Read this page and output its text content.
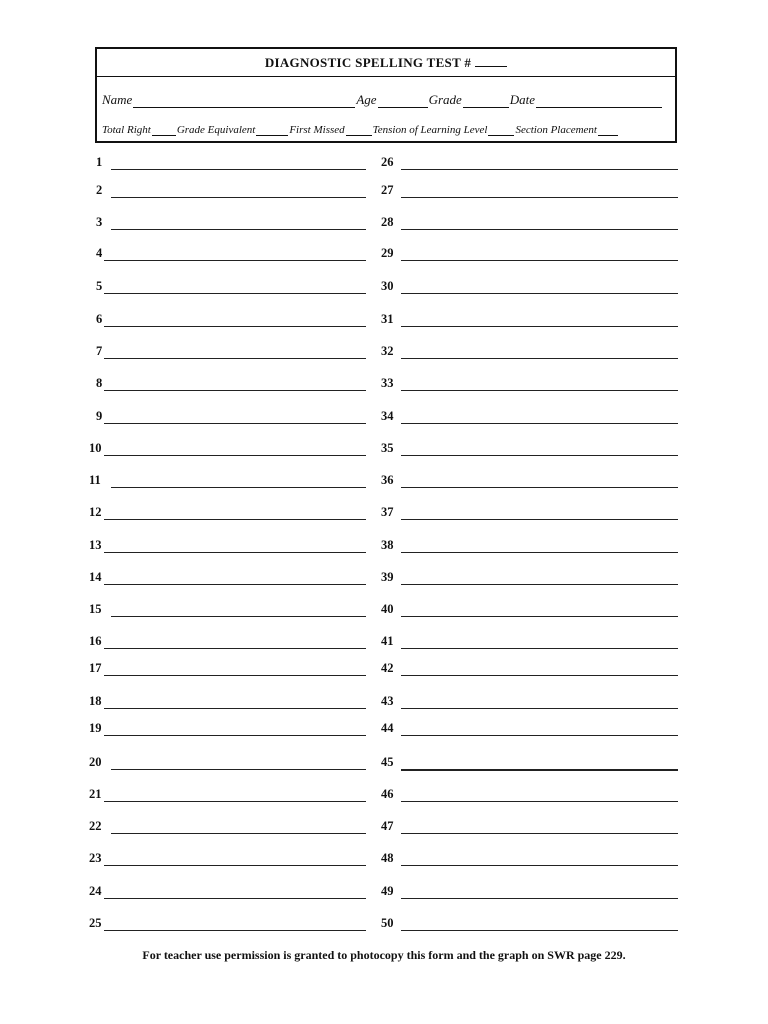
DIAGNOSTIC SPELLING TEST #
Name	Age	Grade	Date
Total Right Grade Equivalent	First Missed	Tension of Learning Level	Section Placement
1
2
3
4
5
6
7
8
9
10
11
12
13
14
15
16
17
18
19
20
21
22
23
24
25
26
27
28
29
30
31
32
33
34
35
36
37
38
39
40
41
42
43
44
45
46
47
48
49
50
For teacher use permission is granted to photocopy this form and the graph on SWR page 229.
